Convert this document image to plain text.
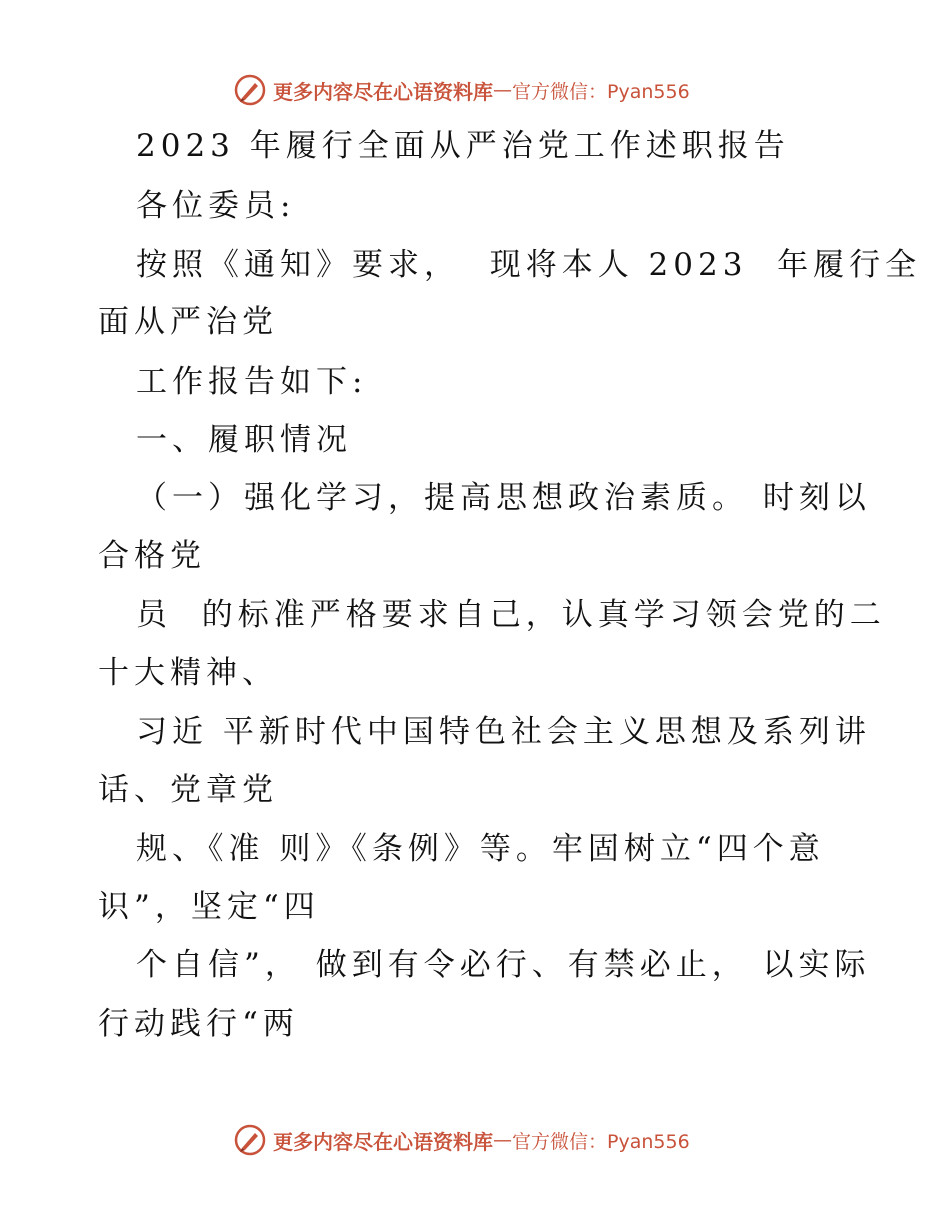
更多内容尽在心语资料库 — 官方微信：Pyan556
2023 年履行全面从严治党工作述职报告
各位委员:
按照《通知》要求，  现将本人 2023  年履行全
面从严治党
工作报告如下:
一、履职情况
（一）强化学习，提高思想政治素质。 时刻以
合格党
员  的标准严格要求自己，认真学习领会党的二
十大精神、
习近 平新时代中国特色社会主义思想及系列讲
话、党章党
规、《准 则》《条例》等。牢固树立“四个意
识”，坚定“四
个自信”， 做到有令必行、有禁必止， 以实际
行动践行“两
更多内容尽在心语资料库 — 官方微信：Pyan556
